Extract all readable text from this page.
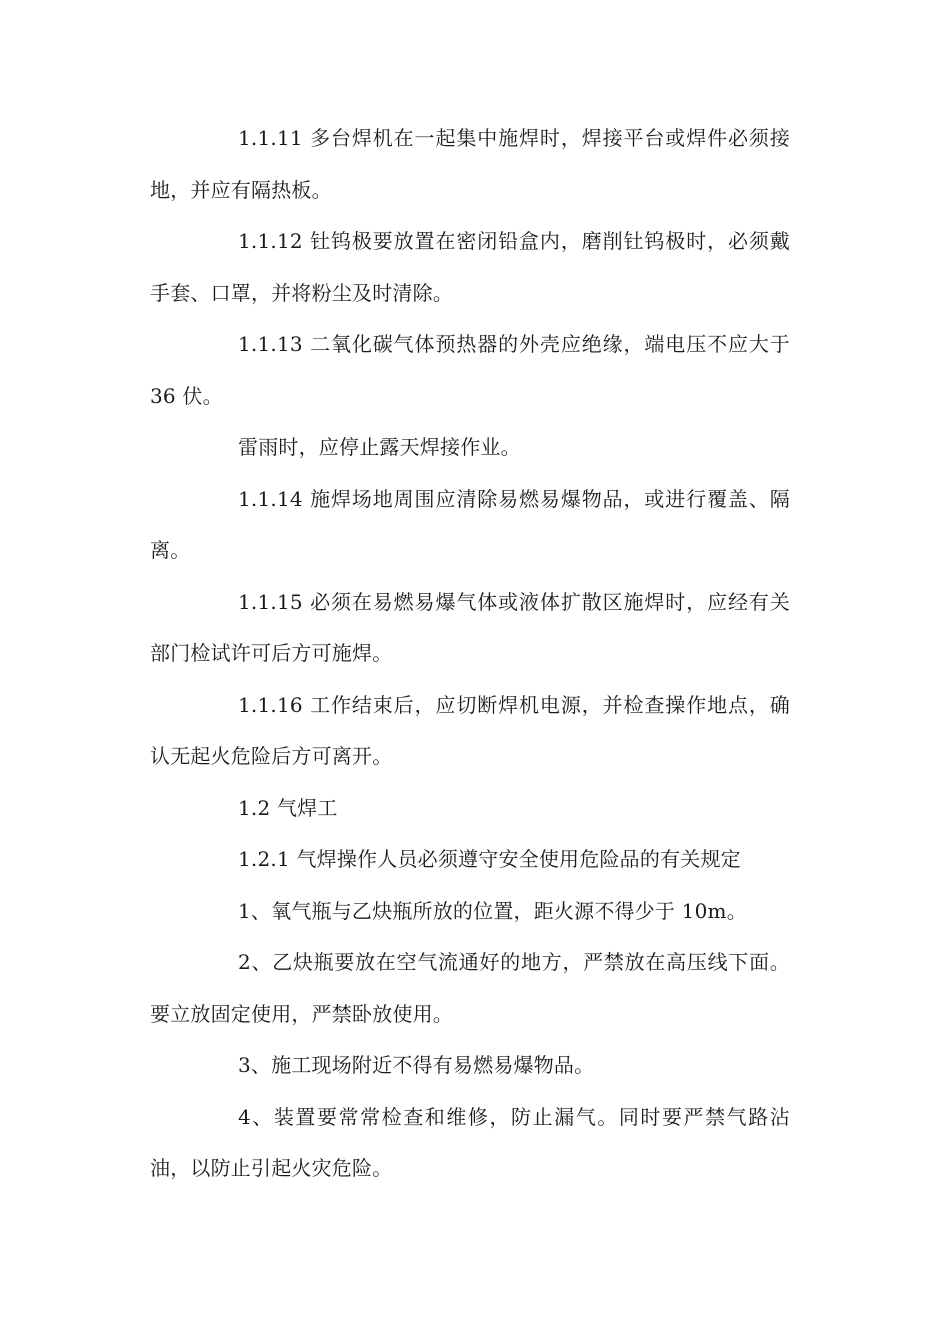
1.1.11 多台焊机在一起集中施焊时，焊接平台或焊件必须接地，并应有隔热板。

1.1.12 钍钨极要放置在密闭铅盒内，磨削钍钨极时，必须戴手套、口罩，并将粉尘及时清除。

1.1.13 二氧化碳气体预热器的外壳应绝缘，端电压不应大于 36 伏。

雷雨时，应停止露天焊接作业。

1.1.14 施焊场地周围应清除易燃易爆物品，或进行覆盖、隔离。

1.1.15 必须在易燃易爆气体或液体扩散区施焊时，应经有关部门检试许可后方可施焊。

1.1.16 工作结束后，应切断焊机电源，并检查操作地点，确认无起火危险后方可离开。

1.2 气焊工

1.2.1 气焊操作人员必须遵守安全使用危险品的有关规定

1、氧气瓶与乙炔瓶所放的位置，距火源不得少于 10m。

2、乙炔瓶要放在空气流通好的地方，严禁放在高压线下面。要立放固定使用，严禁卧放使用。

3、施工现场附近不得有易燃易爆物品。

4、装置要常常检查和维修，防止漏气。同时要严禁气路沾油，以防止引起火灾危险。
